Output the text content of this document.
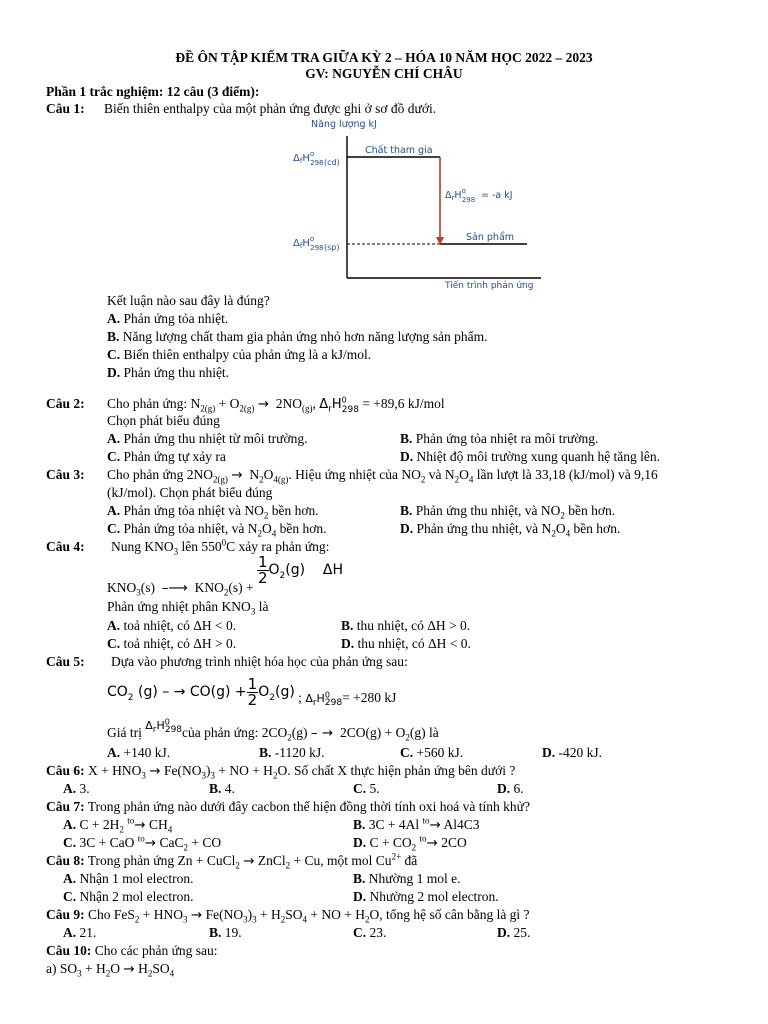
ĐỀ ÔN TẬP KIẾM TRA GIỮA KỲ 2 – HÓA 10 NĂM HỌC 2022 – 2023
GV: NGUYỄN CHÍ CHÂU
Phần 1 trắc nghiệm: 12 câu (3 điểm):
Câu 1: Biến thiên enthalpy của một phản ứng được ghi ở sơ đồ dưới.
Năng lượng kJ
Tiến trình phản ứng
$\Delta_fH^o$ 298 (cd)
Chất tham gia
$\Delta_fH^o$ 298 (sp)
Sản phẩm
$\Delta_rH^o$ 298 = -a kJ
Kết luận nào sau đây là đúng?
A. Phản ứng tỏa nhiệt.
B. Năng lượng chất tham gia phản ứng nhỏ hơn năng lượng sản phẩm.
C. Biến thiên enthalpy của phản ứng là a kJ/mol.
D. Phản ứng thu nhiệt.
Câu 2: Cho phản ứng: $N_{2(g)} + O_{2(g)} \to 2NO_{(g)}$, $\Delta_rH^0_{298} = +89,6$ kJ/mol
Chọn phát biểu đúng
A. Phản ứng thu nhiệt từ môi trường.	B. Phản ứng tỏa nhiệt ra môi trường.
C. Phản ứng tự xảy ra	D. Nhiệt độ môi trường xung quanh hệ tăng lên.
Câu 3: Cho phản ứng $2NO_{2(g)} \to N_2O_{4(g)}$. Hiệu ứng nhiệt của $NO_2$ và $N_2O_4$ lần lượt là 33,18 (kJ/mol) và 9,16
(kJ/mol). Chọn phát biểu đúng
A. Phản ứng tỏa nhiệt và $NO_2$ bền hơn.	B. Phản ứng thu nhiệt, và $NO_2$ bền hơn.
C. Phản ứng tỏa nhiệt, và $N_2O_4$ bền hơn.	D. Phản ứng thu nhiệt, và $N_2O_4$ bền hơn.
Câu 4: Nung $KNO_3$ lên $550^0C$ xảy ra phản ứng:
$KNO_3(s)$  –⟶  $KNO_2(s)$ +
$\frac{1}{2} O_2(g)$    ΔH
Phản ứng nhiệt phân $KNO_3$ là
A. toả nhiệt, có ΔH < 0.	B. thu nhiệt, có ΔH > 0.
C. toả nhiệt, có ΔH > 0.	D. thu nhiệt, có ΔH < 0.
Câu 5: Dựa vào phương trình nhiệt hóa học của phản ứng sau:
$CO_2$ (g) – → $CO(g) + \frac{1}{2} O_2(g)$ ; $\Delta_rH^0_{298}= +280$ kJ
Giá trị $^{\Delta_rH^0_{298}}$của phản ứng: $2CO_2(g)$ – →  $2CO(g) + O_2(g)$ là
A. +140 kJ.	B. -1120 kJ.	C. +560 kJ.	D. -420 kJ.
Câu 6: $X + HNO_3 \to Fe(NO_3)_3$ + NO + $H_2O$. Số chất X thực hiện phản ứng bên dưới ?
A. 3.	B. 4.	C. 5.	D. 6.
Câu 7: Trong phản ứng nào dưới đây cacbon thể hiện đồng thời tính oxi hoá và tính khử?
A. $C + 2H_2$ $^{to}\to CH_4$	B. 3C + 4Al $^{to}$→ Al4C3
C. 3C + CaO $^{to}$→ CaC$_2$ + CO	D. $C + CO_2$ $^{to}$→ 2CO
Câu 8: Trong phản ứng Zn + CuCl$_2$ → ZnCl$_2$ + Cu, một mol $Cu^{2+}$ đã
A. Nhận 1 mol electron.	B. Nhường 1 mol e.
C. Nhận 2 mol electron.	D. Nhường 2 mol electron.
Câu 9: Cho $FeS_2 + HNO_3 \to Fe(NO_3)_3 + H_2SO_4$ + NO + $H_2O$, tổng hệ số cân bằng là gì ?
A. 21.	B. 19.	C. 23.	D. 25.
Câu 10: Cho các phản ứng sau:
a) $SO_3 + H_2O \to H_2SO_4$
